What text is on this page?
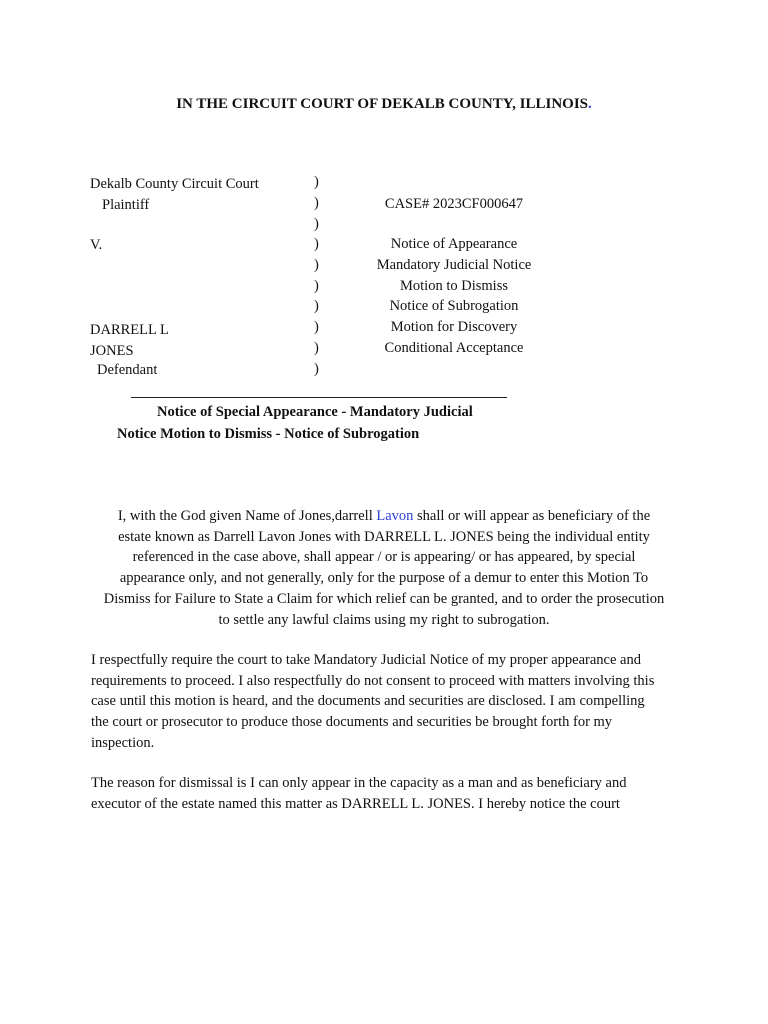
IN THE CIRCUIT COURT OF DEKALB COUNTY, ILLINOIS.
Dekalb County Circuit Court
Plaintiff
V.
DARRELL L
JONES
Defendant
)
)
)
)
)
)
)
)
)
)
CASE# 2023CF000647
Notice of Appearance
Mandatory Judicial Notice
Motion to Dismiss
Notice of Subrogation
Motion for Discovery
Conditional Acceptance
Notice of Special Appearance - Mandatory Judicial
Notice Motion to Dismiss - Notice of Subrogation
I, with the God given Name of Jones,darrell Lavon shall or will appear as beneficiary of the
estate known as Darrell Lavon Jones with DARRELL L. JONES being the individual entity
referenced in the case above, shall appear / or is appearing/ or has appeared, by special
appearance only, and not generally, only for the purpose of a demur to enter this Motion To
Dismiss for Failure to State a Claim for which relief can be granted, and to order the prosecution
to settle any lawful claims using my right to subrogation.
I respectfully require the court to take Mandatory Judicial Notice of my proper appearance and
requirements to proceed. I also respectfully do not consent to proceed with matters involving this
case until this motion is heard, and the documents and securities are disclosed. I am compelling
the court or prosecutor to produce those documents and securities be brought forth for my
inspection.
The reason for dismissal is I can only appear in the capacity as a man and as beneficiary and
executor of the estate named this matter as DARRELL L. JONES. I hereby notice the court
